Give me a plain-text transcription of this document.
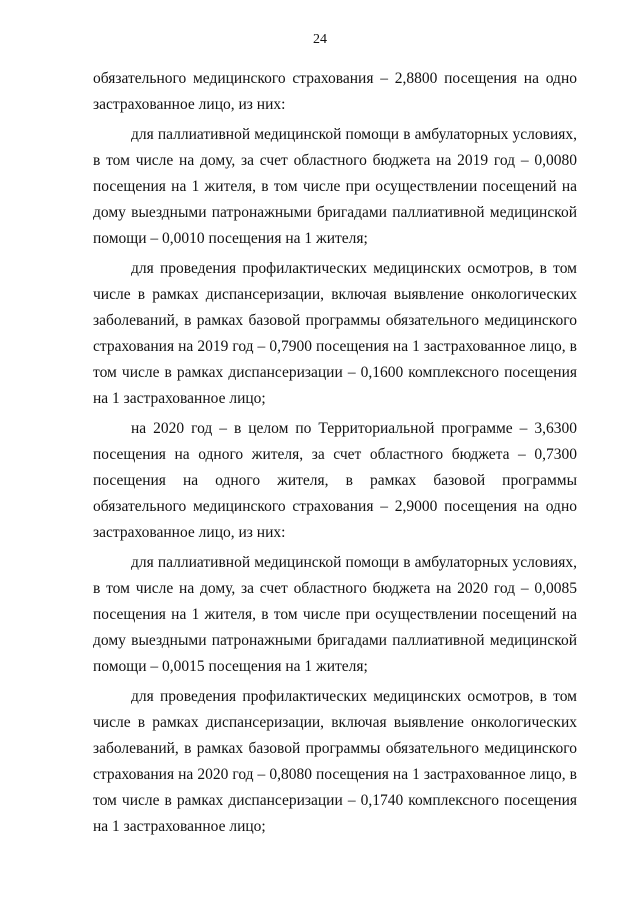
24

обязательного медицинского страхования – 2,8800 посещения на одно застрахованное лицо, из них:

для паллиативной медицинской помощи в амбулаторных условиях, в том числе на дому, за счет областного бюджета на 2019 год – 0,0080 посещения на 1 жителя, в том числе при осуществлении посещений на дому выездными патронажными бригадами паллиативной медицинской помощи – 0,0010 посещения на 1 жителя;

для проведения профилактических медицинских осмотров, в том числе в рамках диспансеризации, включая выявление онкологических заболеваний, в рамках базовой программы обязательного медицинского страхования на 2019 год – 0,7900 посещения на 1 застрахованное лицо, в том числе в рамках диспансеризации – 0,1600 комплексного посещения на 1 застрахованное лицо;

на 2020 год – в целом по Территориальной программе – 3,6300 посещения на одного жителя, за счет областного бюджета – 0,7300 посещения на одного жителя, в рамках базовой программы обязательного медицинского страхования – 2,9000 посещения на одно застрахованное лицо, из них:

для паллиативной медицинской помощи в амбулаторных условиях, в том числе на дому, за счет областного бюджета на 2020 год – 0,0085 посещения на 1 жителя, в том числе при осуществлении посещений на дому выездными патронажными бригадами паллиативной медицинской помощи – 0,0015 посещения на 1 жителя;

для проведения профилактических медицинских осмотров, в том числе в рамках диспансеризации, включая выявление онкологических заболеваний, в рамках базовой программы обязательного медицинского страхования на 2020 год – 0,8080 посещения на 1 застрахованное лицо, в том числе в рамках диспансеризации – 0,1740 комплексного посещения на 1 застрахованное лицо;
